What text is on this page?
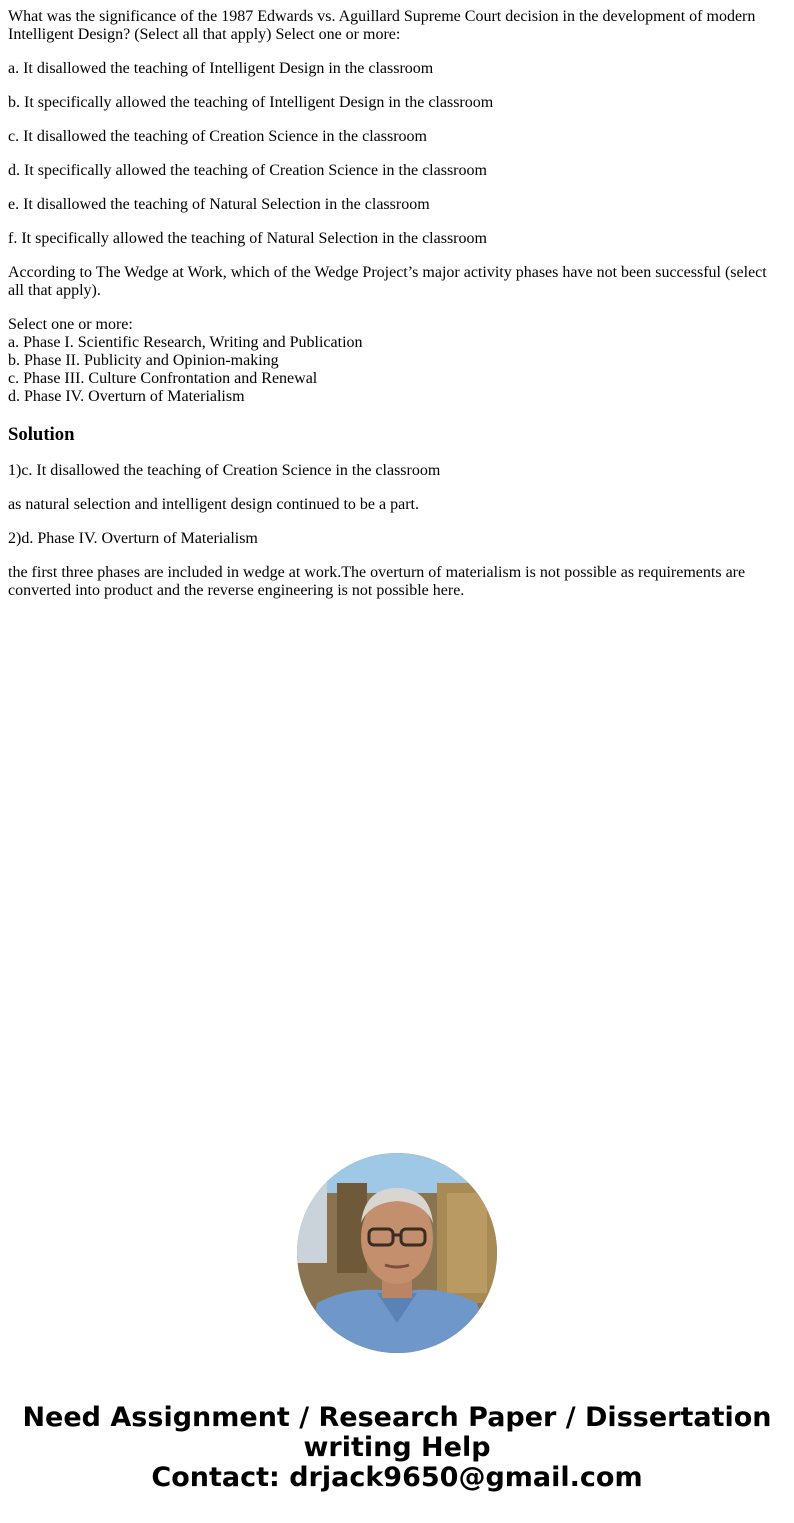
What was the significance of the 1987 Edwards vs. Aguillard Supreme Court decision in the development of modern Intelligent Design? (Select all that apply) Select one or more:

a. It disallowed the teaching of Intelligent Design in the classroom

b. It specifically allowed the teaching of Intelligent Design in the classroom

c. It disallowed the teaching of Creation Science in the classroom

d. It specifically allowed the teaching of Creation Science in the classroom

e. It disallowed the teaching of Natural Selection in the classroom

f. It specifically allowed the teaching of Natural Selection in the classroom

According to The Wedge at Work, which of the Wedge Project’s major activity phases have not been successful (select all that apply).

Select one or more:
a. Phase I. Scientific Research, Writing and Publication
b. Phase II. Publicity and Opinion-making
c. Phase III. Culture Confrontation and Renewal
d. Phase IV. Overturn of Materialism
Solution

1)c. It disallowed the teaching of Creation Science in the classroom

as natural selection and intelligent design continued to be a part.

2)d. Phase IV. Overturn of Materialism

the first three phases are included in wedge at work.The overturn of materialism is not possible as requirements are converted into product and the reverse engineering is not possible here.

Need Assignment / Research Paper / Dissertation
writing Help
Contact: drjack9650@gmail.com
